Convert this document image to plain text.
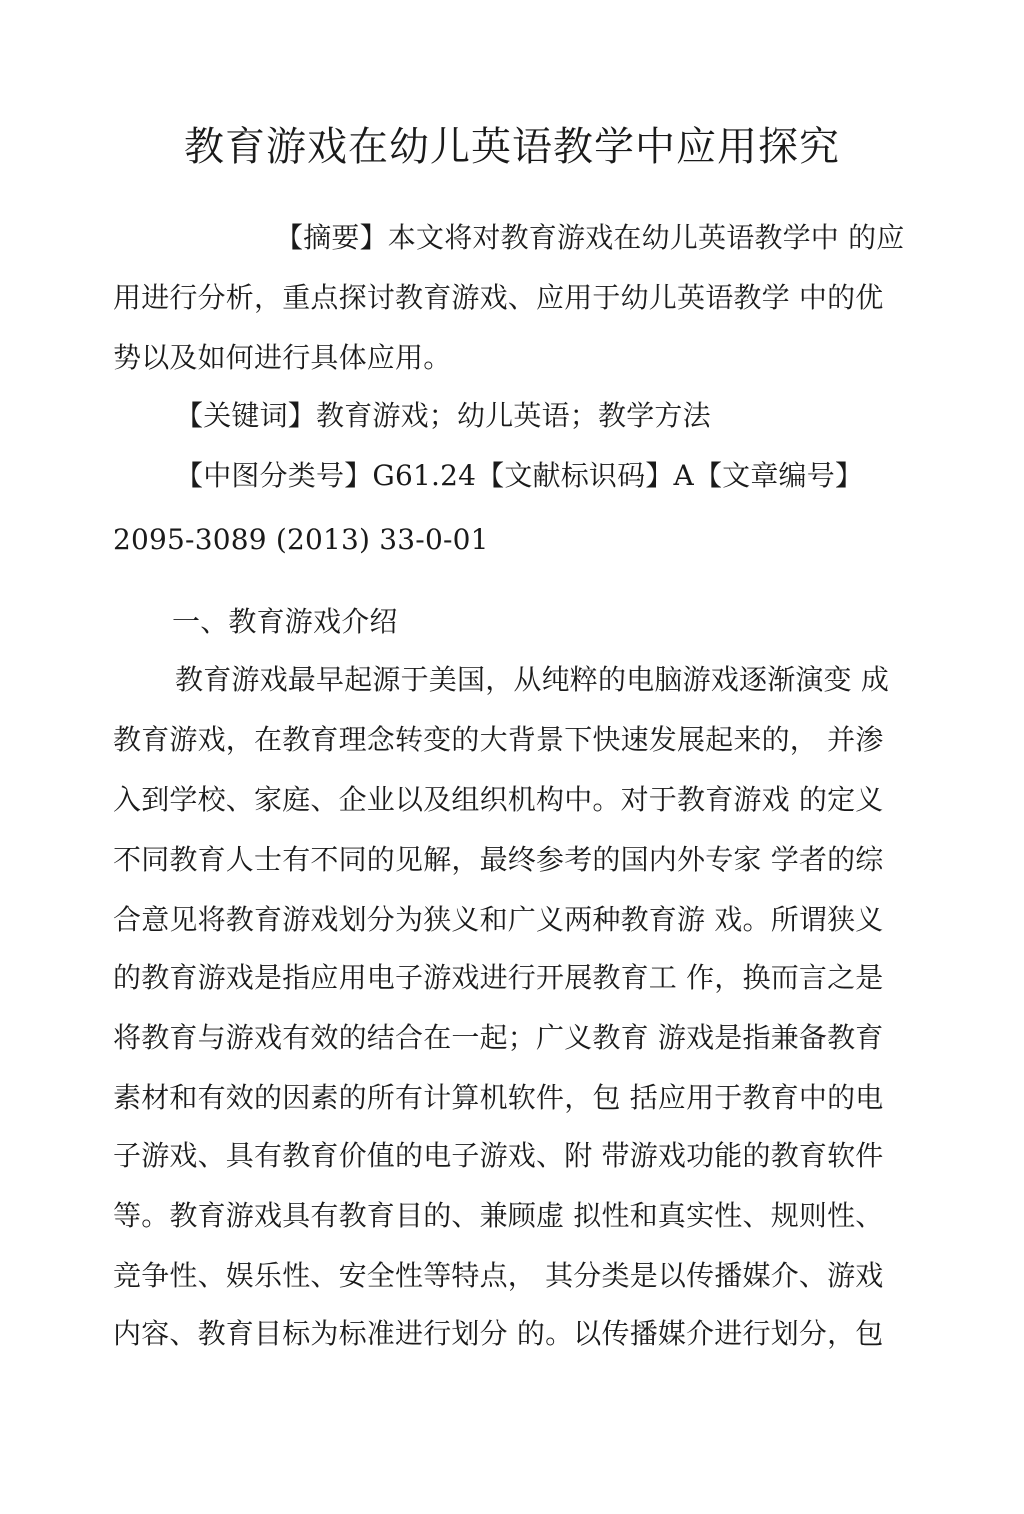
教育游戏在幼儿英语教学中应用探究
【摘要】本文将对教育游戏在幼儿英语教学中 的应
用进行分析，重点探讨教育游戏、应用于幼儿英语教学 中的优
势以及如何进行具体应用。
【关键词】教育游戏；幼儿英语；教学方法
【中图分类号】G61.24【文献标识码】A【文章编号】
2095-3089 (2013) 33-0-01
一、教育游戏介绍
教育游戏最早起源于美国，从纯粹的电脑游戏逐渐演变 成
教育游戏，在教育理念转变的大背景下快速发展起来的， 并渗
入到学校、家庭、企业以及组织机构中。对于教育游戏 的定义
不同教育人士有不同的见解，最终参考的国内外专家 学者的综
合意见将教育游戏划分为狭义和广义两种教育游 戏。所谓狭义
的教育游戏是指应用电子游戏进行开展教育工 作，换而言之是
将教育与游戏有效的结合在一起；广义教育 游戏是指兼备教育
素材和有效的因素的所有计算机软件，包 括应用于教育中的电
子游戏、具有教育价值的电子游戏、附 带游戏功能的教育软件
等。教育游戏具有教育目的、兼顾虚 拟性和真实性、规则性、
竞争性、娱乐性、安全性等特点， 其分类是以传播媒介、游戏
内容、教育目标为标准进行划分 的。以传播媒介进行划分，包
